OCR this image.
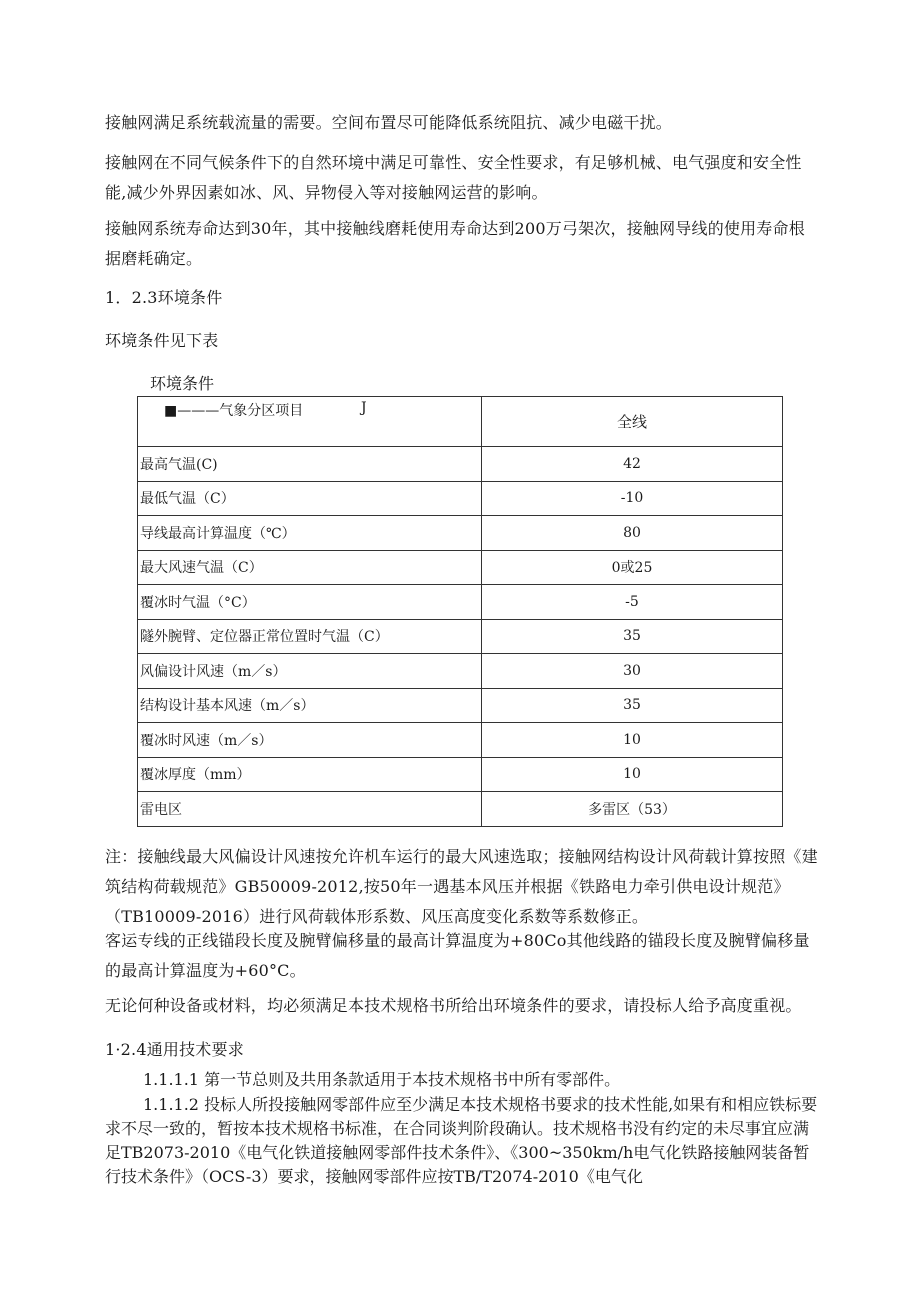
接触网满足系统载流量的需要。空间布置尽可能降低系统阻抗、减少电磁干扰。

接触网在不同气候条件下的自然环境中满足可靠性、安全性要求，有足够机械、电气强度和安全性能,减少外界因素如冰、风、异物侵入等对接触网运营的影响。

接触网系统寿命达到30年，其中接触线磨耗使用寿命达到200万弓架次，接触网导线的使用寿命根据磨耗确定。

1．2.3环境条件

环境条件见下表

环境条件

■———气象分区项目 J	全线
最高气温(C)	42
最低气温（C）	-10
导线最高计算温度（℃）	80
最大风速气温（C）	0或25
覆冰时气温（°C）	-5
隧外腕臂、定位器正常位置时气温（C）	35
风偏设计风速（m／s）	30
结构设计基本风速（m／s）	35
覆冰时风速（m／s）	10
覆冰厚度（mm）	10
雷电区	多雷区（53）

注：接触线最大风偏设计风速按允许机车运行的最大风速选取；接触网结构设计风荷载计算按照《建筑结构荷载规范》GB50009-2012,按50年一遇基本风压并根据《铁路电力牵引供电设计规范》（TB10009-2016）进行风荷载体形系数、风压高度变化系数等系数修正。

客运专线的正线锚段长度及腕臂偏移量的最高计算温度为+80Co其他线路的锚段长度及腕臂偏移量的最高计算温度为+60°C。

无论何种设备或材料，均必须满足本技术规格书所给出环境条件的要求，请投标人给予高度重视。

1·2.4通用技术要求

1.1.1.1 第一节总则及共用条款适用于本技术规格书中所有零部件。

1.1.1.2 投标人所投接触网零部件应至少满足本技术规格书要求的技术性能,如果有和相应铁标要求不尽一致的，暂按本技术规格书标准，在合同谈判阶段确认。技术规格书没有约定的未尽事宜应满足TB2073-2010《电气化铁道接触网零部件技术条件》、《300~350km/h电气化铁路接触网装备暂行技术条件》（OCS-3）要求，接触网零部件应按TB/T2074-2010《电气化
